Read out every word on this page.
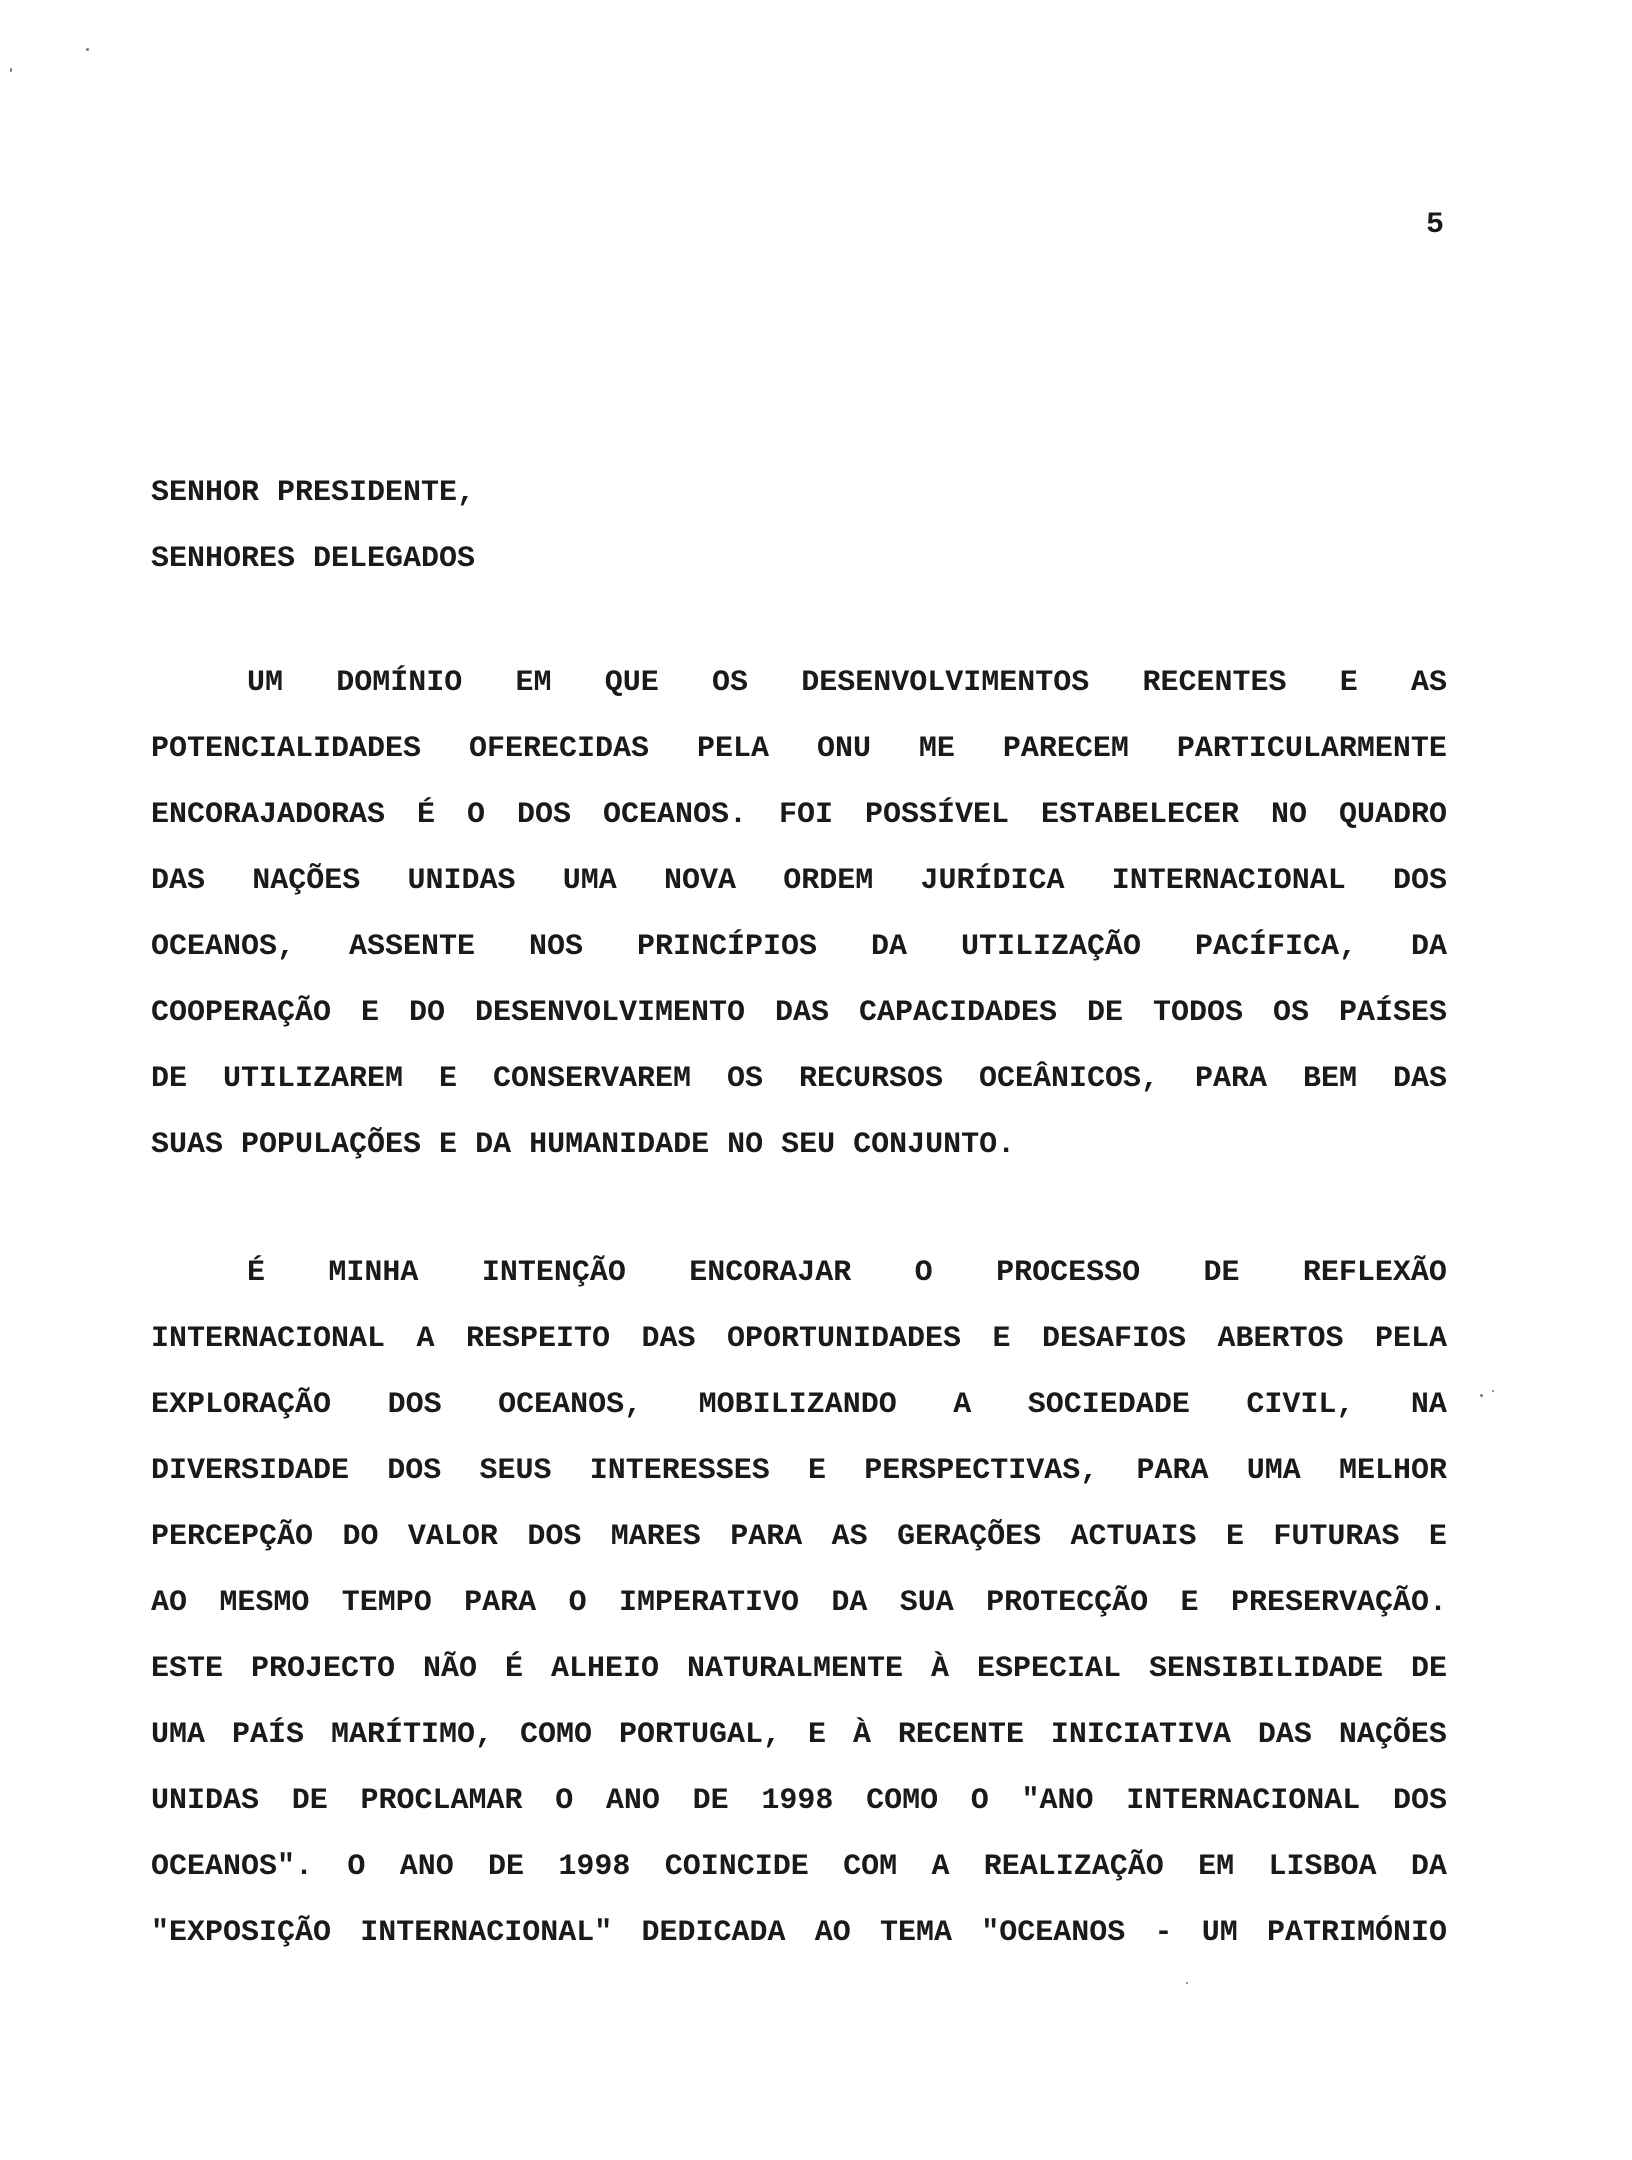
5
SENHOR PRESIDENTE,
SENHORES DELEGADOS
UM DOMÍNIO EM QUE OS DESENVOLVIMENTOS RECENTES E AS
POTENCIALIDADES OFERECIDAS PELA ONU ME PARECEM PARTICULARMENTE
ENCORAJADORAS É O DOS OCEANOS. FOI POSSÍVEL ESTABELECER NO QUADRO
DAS NAÇÕES UNIDAS UMA NOVA ORDEM JURÍDICA INTERNACIONAL DOS
OCEANOS, ASSENTE NOS PRINCÍPIOS DA UTILIZAÇÃO PACÍFICA, DA
COOPERAÇÃO E DO DESENVOLVIMENTO DAS CAPACIDADES DE TODOS OS PAÍSES
DE UTILIZAREM E CONSERVAREM OS RECURSOS OCEÂNICOS, PARA BEM DAS
SUAS POPULAÇÕES E DA HUMANIDADE NO SEU CONJUNTO.
É MINHA INTENÇÃO ENCORAJAR O PROCESSO DE REFLEXÃO
INTERNACIONAL A RESPEITO DAS OPORTUNIDADES E DESAFIOS ABERTOS PELA
EXPLORAÇÃO DOS OCEANOS, MOBILIZANDO A SOCIEDADE CIVIL, NA
DIVERSIDADE DOS SEUS INTERESSES E PERSPECTIVAS, PARA UMA MELHOR
PERCEPÇÃO DO VALOR DOS MARES PARA AS GERAÇÕES ACTUAIS E FUTURAS E
AO MESMO TEMPO PARA O IMPERATIVO DA SUA PROTECÇÃO E PRESERVAÇÃO.
ESTE PROJECTO NÃO É ALHEIO NATURALMENTE À ESPECIAL SENSIBILIDADE DE
UMA PAÍS MARÍTIMO, COMO PORTUGAL, E À RECENTE INICIATIVA DAS NAÇÕES
UNIDAS DE PROCLAMAR O ANO DE 1998 COMO O "ANO INTERNACIONAL DOS
OCEANOS". O ANO DE 1998 COINCIDE COM A REALIZAÇÃO EM LISBOA DA
"EXPOSIÇÃO INTERNACIONAL" DEDICADA AO TEMA "OCEANOS - UM PATRIMÓNIO
